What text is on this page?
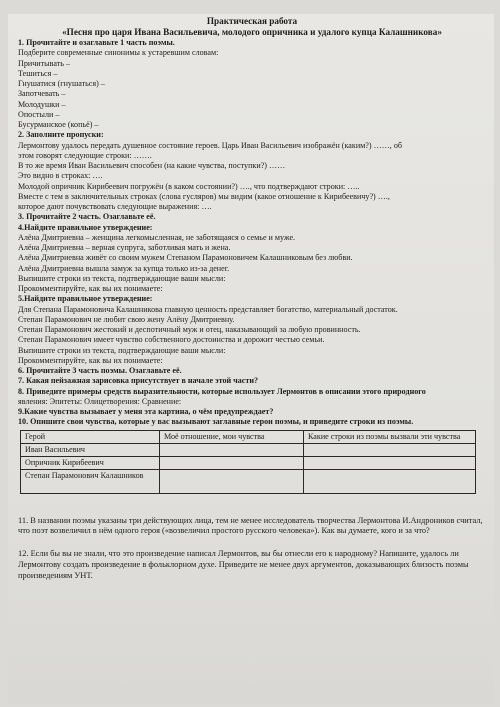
Практическая работа
«Песня про царя Ивана Васильевича, молодого опричника и удалого купца Калашникова»
1. Прочитайте и озаглавьте 1 часть поэмы.
Подберите современные синонимы к устаревшим словам:
Причитывать –
Тешиться –
Гнушатися (гнушаться) –
Запотчевать –
Молодушки –
Опостыли –
Бусурманское (копьё) –
2. Заполните пропуски:
Лермонтову удалось передать душевное состояние героев. Царь Иван Васильевич изображён (каким?) ……, об
этом говорят следующие строки: …….
В то же время Иван Васильевич способен (на какие чувства, поступки?) ……
Это видно в строках: ….
Молодой опричник Кирибеевич погружён (в каком состоянии?) …., что подтверждают строки: …..
Вместе с тем в заключительных строках (слова гусляров) мы видим (какое отношение к Кирибеевичу?) ….,
которое дают почувствовать следующие выражения: ….
3. Прочитайте 2 часть. Озаглавьте её.
4.Найдите правильное утверждение:
Алёна Дмитриевна – женщина легкомысленная, не заботящаяся о семье и муже.
Алёна Дмитриевна – верная супруга, заботливая мать и жена.
Алёна Дмитриевна живёт со своим мужем Степаном Парамоновичем Калашниковым без любви.
Алёна Дмитриевна вышла замуж за купца только из-за денег.
Выпишите строки из текста, подтверждающие ваши мысли:
Прокомментируйте, как вы их понимаете:
5.Найдите правильное утверждение:
Для Степана Парамоновича Калашникова главную ценность представляет богатство, материальный достаток.
Степан Парамонович не любит свою жену Алёну Дмитриевну.
Степан Парамонович жестокий и деспотичный муж и отец, наказывающий за любую провинность.
Степан Парамонович имеет чувство собственного достоинства и дорожит честью семьи.
Выпишите строки из текста, подтверждающие ваши мысли:
Прокомментируйте, как вы их понимаете:
6. Прочитайте 3 часть поэмы. Озаглавьте её.
7. Какая пейзажная зарисовка присутствует в начале этой части?
8. Приведите примеры средств выразительности, которые использует Лермонтов в описании этого природного
явления: Эпитеты: Олицетворения: Сравнение:
9.Какие чувства вызывает у меня эта картина, о чём предупреждает?
10. Опишите свои чувства, которые у вас вызывают заглавные герои поэмы, и приведите строки из поэмы.
Герой	Моё отношение, мои чувства	Какие строки из поэмы вызвали эти чувства
Иван Васильевич		
Опричник Кирибеевич		
Степан Парамонович Калашников		
11. В названии поэмы указаны три действующих лица, тем не менее исследователь творчества Лермонтова И.Андроников считал, что поэт возвеличил в нём одного героя («возвеличил простого русского человека»). Как вы думаете, кого и за что?
12. Если бы вы не знали, что это произведение написал Лермонтов, вы бы отнесли его к народному? Напишите, удалось ли Лермонтову создать произведение в фольклорном духе. Приведите не менее двух аргументов, доказывающих близость поэмы произведениям УНТ.
